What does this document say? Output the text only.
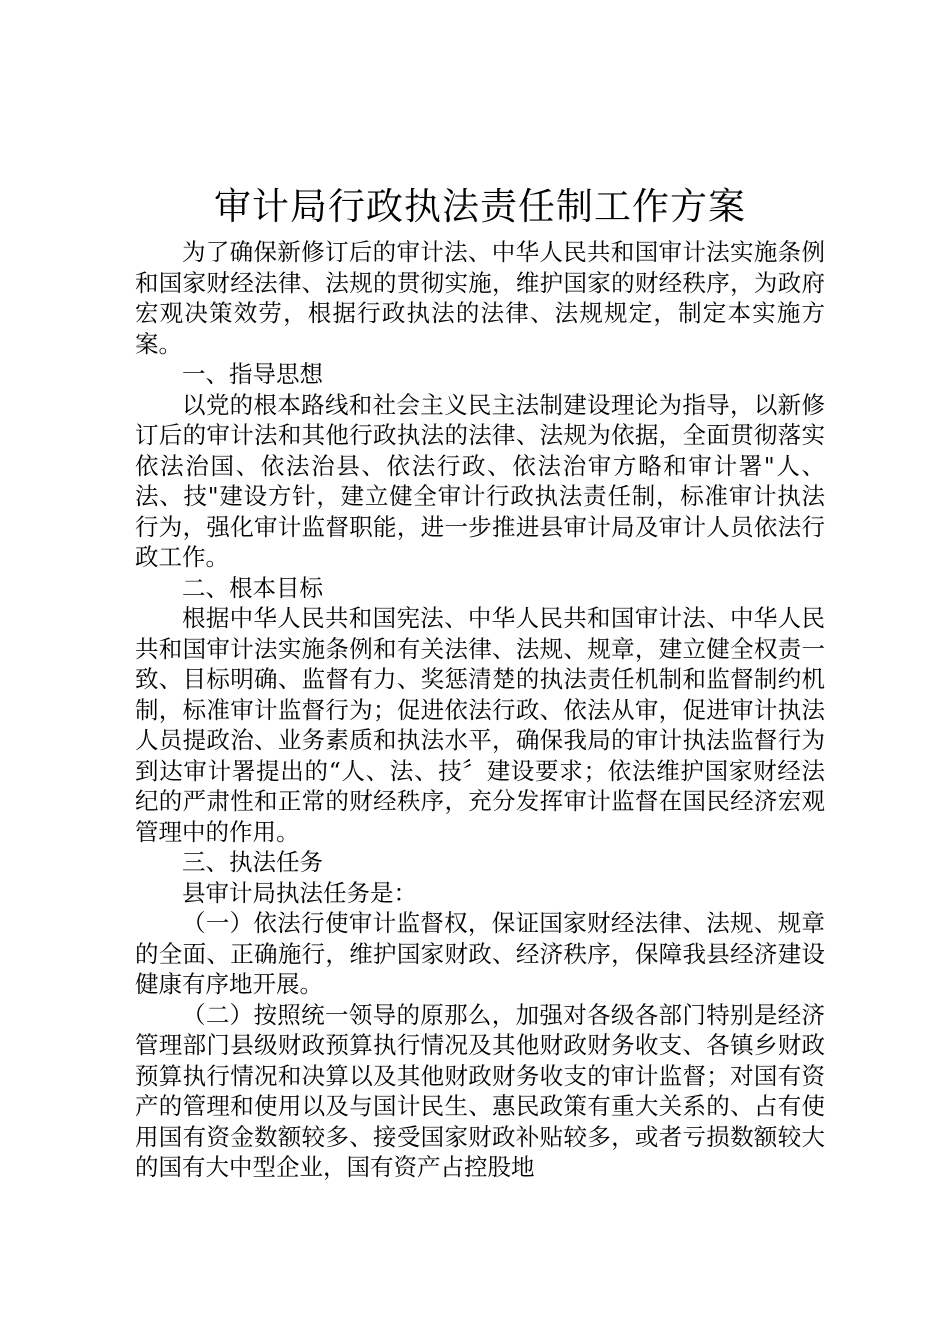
审计局行政执法责任制工作方案

为了确保新修订后的审计法、中华人民共和国审计法实施条例和国家财经法律、法规的贯彻实施，维护国家的财经秩序，为政府宏观决策效劳，根据行政执法的法律、法规规定，制定本实施方案。

一、指导思想

以党的根本路线和社会主义民主法制建设理论为指导，以新修订后的审计法和其他行政执法的法律、法规为依据，全面贯彻落实依法治国、依法治县、依法行政、依法治审方略和审计署"人、法、技"建设方针，建立健全审计行政执法责任制，标准审计执法行为，强化审计监督职能，进一步推进县审计局及审计人员依法行政工作。

二、根本目标

根据中华人民共和国宪法、中华人民共和国审计法、中华人民共和国审计法实施条例和有关法律、法规、规章，建立健全权责一致、目标明确、监督有力、奖惩清楚的执法责任机制和监督制约机制，标准审计监督行为；促进依法行政、依法从审，促进审计执法人员提政治、业务素质和执法水平，确保我局的审计执法监督行为到达审计署提出的“人、法、技〞建设要求；依法维护国家财经法纪的严肃性和正常的财经秩序，充分发挥审计监督在国民经济宏观管理中的作用。

三、执法任务

县审计局执法任务是：

（一）依法行使审计监督权，保证国家财经法律、法规、规章的全面、正确施行，维护国家财政、经济秩序，保障我县经济建设健康有序地开展。

（二）按照统一领导的原那么，加强对各级各部门特别是经济管理部门县级财政预算执行情况及其他财政财务收支、各镇乡财政预算执行情况和决算以及其他财政财务收支的审计监督；对国有资产的管理和使用以及与国计民生、惠民政策有重大关系的、占有使用国有资金数额较多、接受国家财政补贴较多，或者亏损数额较大的国有大中型企业，国有资产占控股地
